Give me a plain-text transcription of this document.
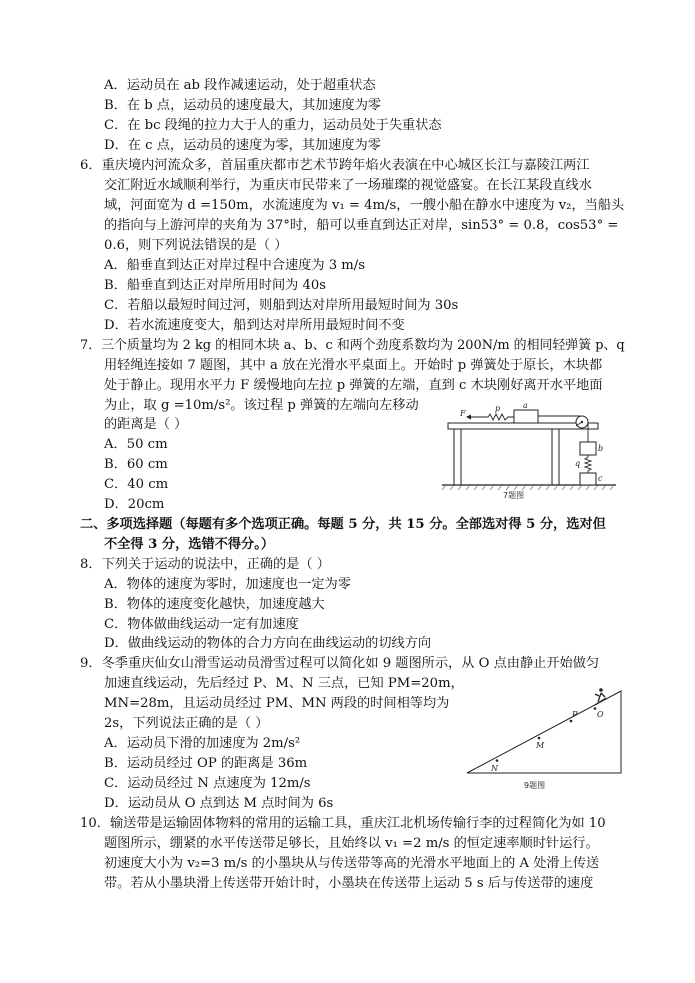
A．运动员在 ab 段作减速运动，处于超重状态
B．在 b 点，运动员的速度最大，其加速度为零
C．在 bc 段绳的拉力大于人的重力，运动员处于失重状态
D．在 c 点，运动员的速度为零，其加速度为零
6．重庆境内河流众多，首届重庆都市艺术节跨年焰火表演在中心城区长江与嘉陵江两江
交汇附近水域顺利举行，为重庆市民带来了一场璀璨的视觉盛宴。在长江某段直线水
域，河面宽为 d =150m，水流速度为 v₁ = 4m/s，一艘小船在静水中速度为 v₂，当船头
的指向与上游河岸的夹角为 37°时，船可以垂直到达正对岸，sin53° = 0.8，cos53° =
0.6，则下列说法错误的是（ ）
A．船垂直到达正对岸过程中合速度为 3 m/s
B．船垂直到达正对岸所用时间为 40s
C．若船以最短时间过河，则船到达对岸所用最短时间为 30s
D．若水流速度变大，船到达对岸所用最短时间不变
7．三个质量均为 2 kg 的相同木块 a、b、c 和两个劲度系数均为 200N/m 的相同轻弹簧 p、q
用轻绳连接如 7 题图，其中 a 放在光滑水平桌面上。开始时 p 弹簧处于原长，木块都
处于静止。现用水平力 F 缓慢地向左拉 p 弹簧的左端，直到 c 木块刚好离开水平地面
为止，取 g =10m/s²。该过程 p 弹簧的左端向左移动
的距离是（ ）
A．50 cm
B．60 cm
C．40 cm
D．20cm
F
p	a
b
q
c
7题图
二、多项选择题（每题有多个选项正确。每题 5 分，共 15 分。全部选对得 5 分，选对但
不全得 3 分，选错不得分。）
8．下列关于运动的说法中，正确的是（ ）
A．物体的速度为零时，加速度也一定为零
B．物体的速度变化越快，加速度越大
C．物体做曲线运动一定有加速度
D．做曲线运动的物体的合力方向在曲线运动的切线方向
9．冬季重庆仙女山滑雪运动员滑雪过程可以简化如 9 题图所示，从 O 点由静止开始做匀
加速直线运动，先后经过 P、M、N 三点，已知 PM=20m，
MN=28m，且运动员经过 PM、MN 两段的时间相等均为
2s，下列说法正确的是（ ）
A．运动员下滑的加速度为 2m/s²
B．运动员经过 OP 的距离是 36m
C．运动员经过 N 点速度为 12m/s
D．运动员从 O 点到达 M 点时间为 6s
O
P
M
N
9题图
10．输送带是运输固体物料的常用的运输工具，重庆江北机场传输行李的过程简化为如 10
题图所示，绷紧的水平传送带足够长，且始终以 v₁ =2 m/s 的恒定速率顺时针运行。
初速度大小为 v₂=3 m/s 的小墨块从与传送带等高的光滑水平地面上的 A 处滑上传送
带。若从小墨块滑上传送带开始计时，小墨块在传送带上运动 5 s 后与传送带的速度
